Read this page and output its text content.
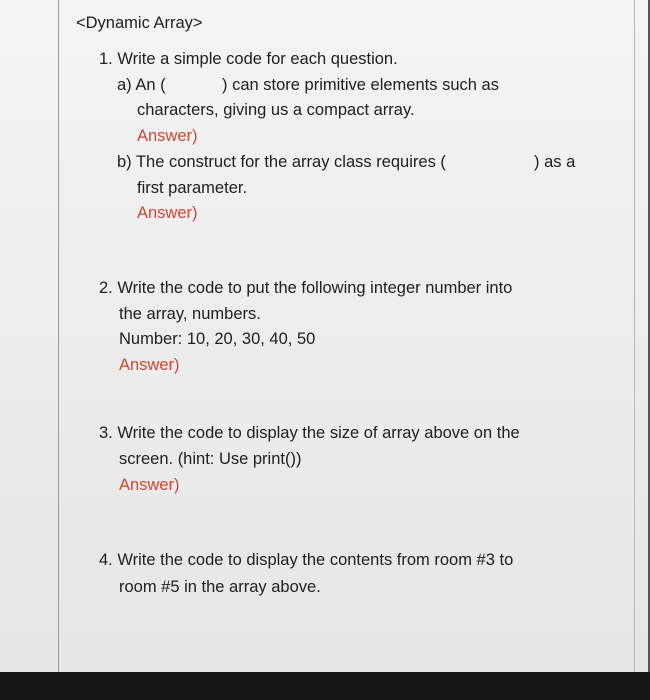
<Dynamic Array>
1. Write a simple code for each question.
a) An (	) can store primitive elements such as
characters, giving us a compact array.
Answer)
b) The construct for the array class requires (	) as a
first parameter.
Answer)
2. Write the code to put the following integer number into
the array, numbers.
Number: 10, 20, 30, 40, 50
Answer)
3. Write the code to display the size of array above on the
screen. (hint: Use print())
Answer)
4. Write the code to display the contents from room #3 to
room #5 in the array above.
